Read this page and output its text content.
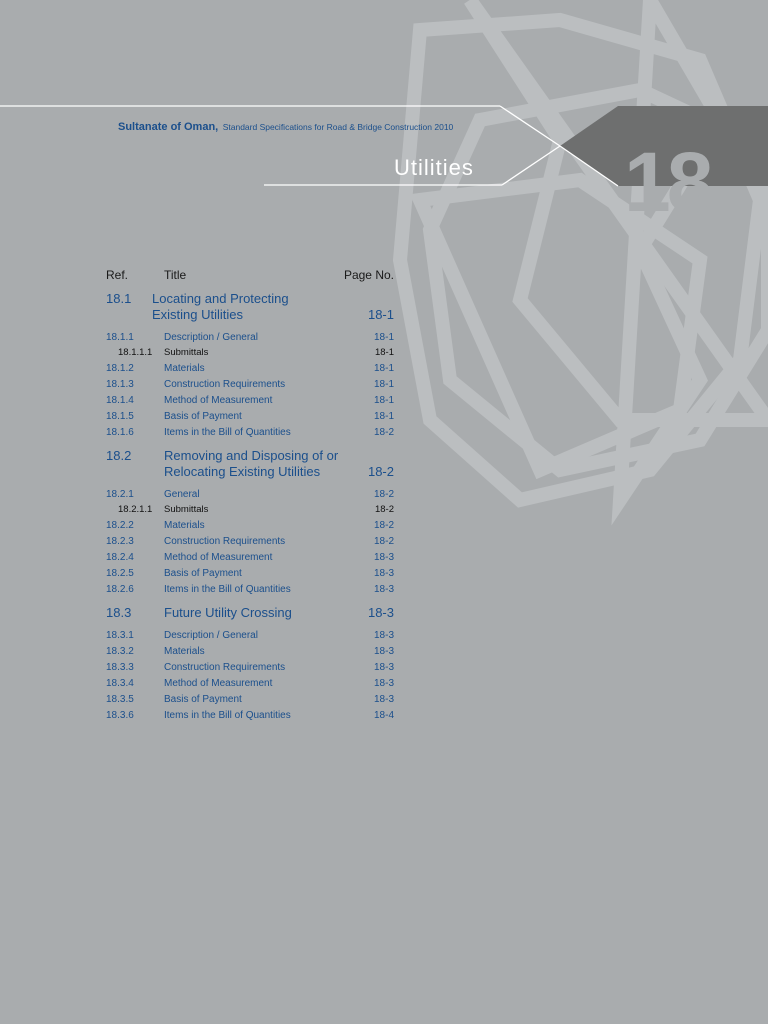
Sultanate of Oman, Standard Specifications for Road & Bridge Construction 2010
Utilities 18
Ref.	Title	Page No.
18.1 Locating and Protecting
Existing Utilities	18-1
18.1.1	Description / General	18-1
18.1.1.1 Submittals	18-1
18.1.2	Materials	18-1
18.1.3	Construction Requirements	18-1
18.1.4	Method of Measurement	18-1
18.1.5	Basis of Payment	18-1
18.1.6	Items in the Bill of Quantities	18-2
18.2	Removing and Disposing of or
Relocating Existing Utilities	18-2
18.2.1	General	18-2
18.2.1.1 Submittals	18-2
18.2.2	Materials	18-2
18.2.3	Construction Requirements	18-2
18.2.4	Method of Measurement	18-3
18.2.5	Basis of Payment	18-3
18.2.6	Items in the Bill of Quantities	18-3
18.3	Future Utility Crossing	18-3
18.3.1	Description / General	18-3
18.3.2	Materials	18-3
18.3.3	Construction Requirements	18-3
18.3.4	Method of Measurement	18-3
18.3.5	Basis of Payment	18-3
18.3.6	Items in the Bill of Quantities	18-4
